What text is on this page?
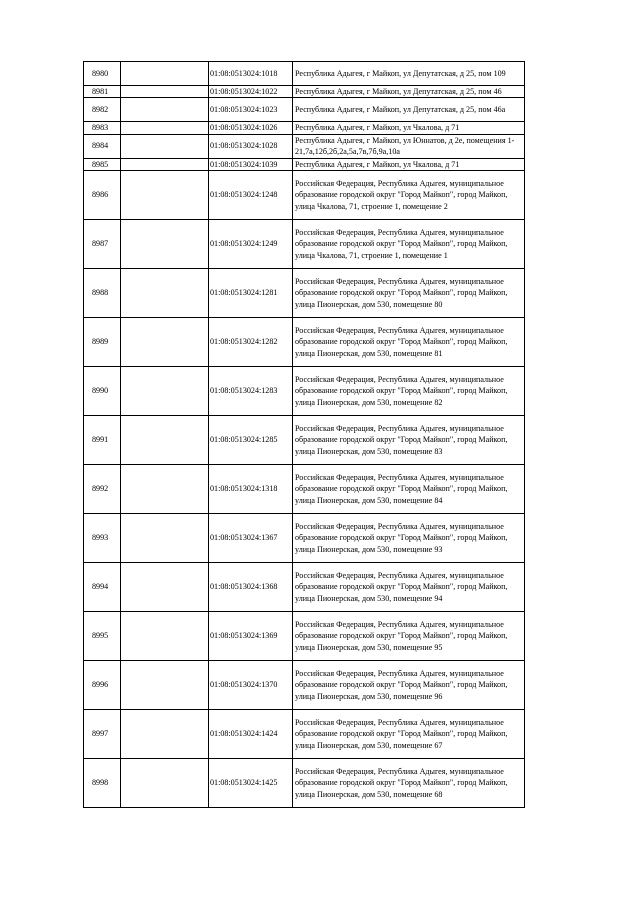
8980		01:08:0513024:1018	Республика Адыгея, г Майкоп, ул Депутатская, д 25, пом 109
8981		01:08:0513024:1022	Республика Адыгея, г Майкоп, ул Депутатская, д 25, пом 46
8982		01:08:0513024:1023	Республика Адыгея, г Майкоп, ул Депутатская, д 25, пом 46а
8983		01:08:0513024:1026	Республика Адыгея, г Майкоп, ул Чкалова, д 71
8984		01:08:0513024:1028	Республика Адыгея, г Майкоп, ул Юннатов, д 2е, помещения 1-21,7а,12б,2б,2а,5а,7в,7б,9а,10а
8985		01:08:0513024:1039	Республика Адыгея, г Майкоп, ул Чкалова, д 71
8986		01:08:0513024:1248	Российская Федерация, Республика Адыгея, муниципальное образование городской округ "Город Майкоп", город Майкоп, улица Чкалова, 71, строение 1, помещение 2
8987		01:08:0513024:1249	Российская Федерация, Республика Адыгея, муниципальное образование городской округ "Город Майкоп", город Майкоп, улица Чкалова, 71, строение 1, помещение 1
8988		01:08:0513024:1281	Российская Федерация, Республика Адыгея, муниципальное образование городской округ "Город Майкоп", город Майкоп, улица Пионерская, дом 530, помещение 80
8989		01:08:0513024:1282	Российская Федерация, Республика Адыгея, муниципальное образование городской округ "Город Майкоп", город Майкоп, улица Пионерская, дом 530, помещение 81
8990		01:08:0513024:1283	Российская Федерация, Республика Адыгея, муниципальное образование городской округ "Город Майкоп", город Майкоп, улица Пионерская, дом 530, помещение 82
8991		01:08:0513024:1285	Российская Федерация, Республика Адыгея, муниципальное образование городской округ "Город Майкоп", город Майкоп, улица Пионерская, дом 530, помещение 83
8992		01:08:0513024:1318	Российская Федерация, Республика Адыгея, муниципальное образование городской округ "Город Майкоп", город Майкоп, улица Пионерская, дом 530, помещение 84
8993		01:08:0513024:1367	Российская Федерация, Республика Адыгея, муниципальное образование городской округ "Город Майкоп", город Майкоп, улица Пионерская, дом 530, помещение 93
8994		01:08:0513024:1368	Российская Федерация, Республика Адыгея, муниципальное образование городской округ "Город Майкоп", город Майкоп, улица Пионерская, дом 530, помещение 94
8995		01:08:0513024:1369	Российская Федерация, Республика Адыгея, муниципальное образование городской округ "Город Майкоп", город Майкоп, улица Пионерская, дом 530, помещение 95
8996		01:08:0513024:1370	Российская Федерация, Республика Адыгея, муниципальное образование городской округ "Город Майкоп", город Майкоп, улица Пионерская, дом 530, помещение 96
8997		01:08:0513024:1424	Российская Федерация, Республика Адыгея, муниципальное образование городской округ "Город Майкоп", город Майкоп, улица Пионерская, дом 530, помещение 67
8998		01:08:0513024:1425	Российская Федерация, Республика Адыгея, муниципальное образование городской округ "Город Майкоп", город Майкоп, улица Пионерская, дом 530, помещение 68
